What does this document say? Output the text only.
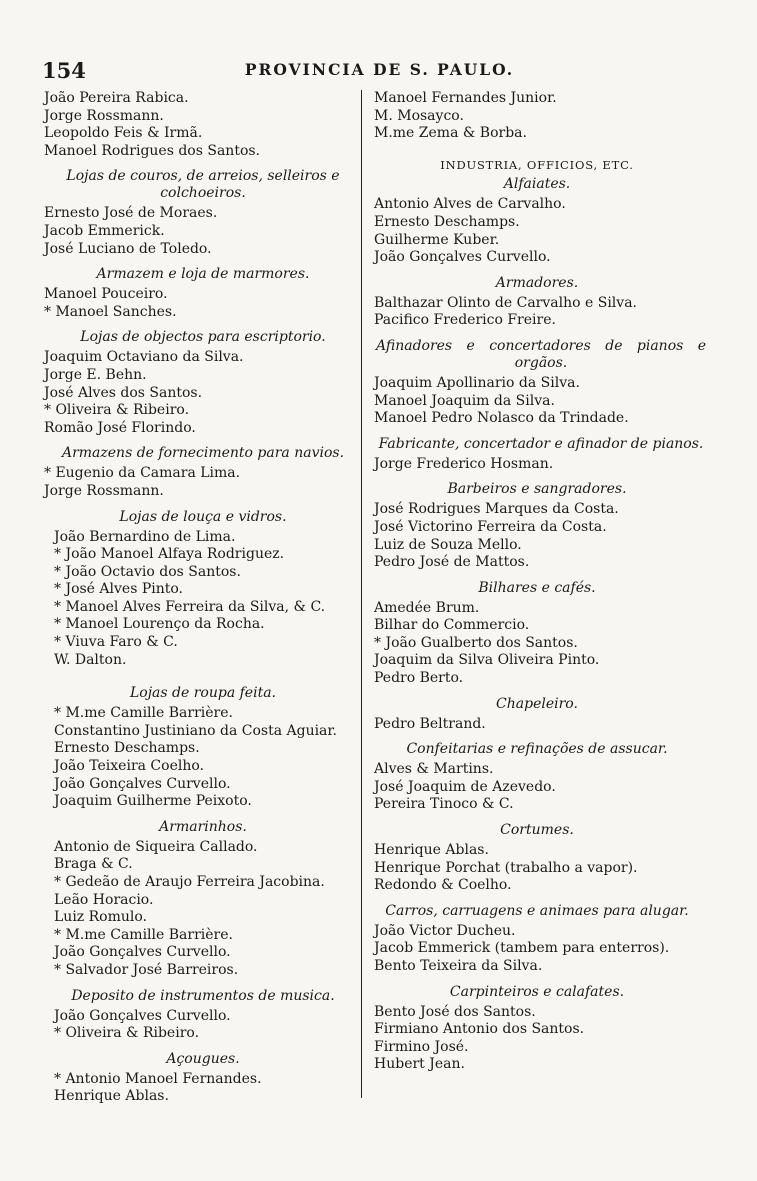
154	PROVINCIA DE S. PAULO.
João Pereira Rabica.
Jorge Rossmann.
Leopoldo Feis & Irmã.
Manoel Rodrigues dos Santos.
Lojas de couros, de arreios, selleiros e colchoeiros.
Ernesto José de Moraes.
Jacob Emmerick.
José Luciano de Toledo.
Armazem e loja de marmores.
Manoel Pouceiro.
* Manoel Sanches.
Lojas de objectos para escriptorio.
Joaquim Octaviano da Silva.
Jorge E. Behn.
José Alves dos Santos.
* Oliveira & Ribeiro.
Romão José Florindo.
Armazens de fornecimento para navios.
* Eugenio da Camara Lima.
Jorge Rossmann.
Lojas de louça e vidros.
João Bernardino de Lima.
* João Manoel Alfaya Rodriguez.
* João Octavio dos Santos.
* José Alves Pinto.
* Manoel Alves Ferreira da Silva, & C.
* Manoel Lourenço da Rocha.
* Viuva Faro & C.
W. Dalton.
Lojas de roupa feita.
* M.me Camille Barrière.
Constantino Justiniano da Costa Aguiar.
Ernesto Deschamps.
João Teixeira Coelho.
João Gonçalves Curvello.
Joaquim Guilherme Peixoto.
Armarinhos.
Antonio de Siqueira Callado.
Braga & C.
* Gedeão de Araujo Ferreira Jacobina.
Leão Horacio.
Luiz Romulo.
* M.me Camille Barrière.
João Gonçalves Curvello.
* Salvador José Barreiros.
Deposito de instrumentos de musica.
João Gonçalves Curvello.
* Oliveira & Ribeiro.
Açougues.
* Antonio Manoel Fernandes.
Henrique Ablas.
Manoel Fernandes Junior.
M. Mosayco.
M.me Zema & Borba.
INDUSTRIA, OFFICIOS, ETC.
Alfaiates.
Antonio Alves de Carvalho.
Ernesto Deschamps.
Guilherme Kuber.
João Gonçalves Curvello.
Armadores.
Balthazar Olinto de Carvalho e Silva.
Pacifico Frederico Freire.
Afinadores e concertadores de pianos e orgãos.
Joaquim Apollinario da Silva.
Manoel Joaquim da Silva.
Manoel Pedro Nolasco da Trindade.
Fabricante, concertador e afinador de pianos.
Jorge Frederico Hosman.
Barbeiros e sangradores.
José Rodrigues Marques da Costa.
José Victorino Ferreira da Costa.
Luiz de Souza Mello.
Pedro José de Mattos.
Bilhares e cafés.
Amedée Brum.
Bilhar do Commercio.
* João Gualberto dos Santos.
Joaquim da Silva Oliveira Pinto.
Pedro Berto.
Chapeleiro.
Pedro Beltrand.
Confeitarias e refinações de assucar.
Alves & Martins.
José Joaquim de Azevedo.
Pereira Tinoco & C.
Cortumes.
Henrique Ablas.
Henrique Porchat (trabalho a vapor).
Redondo & Coelho.
Carros, carruagens e animaes para alugar.
João Victor Ducheu.
Jacob Emmerick (tambem para enterros).
Bento Teixeira da Silva.
Carpinteiros e calafates.
Bento José dos Santos.
Firmiano Antonio dos Santos.
Firmino José.
Hubert Jean.
